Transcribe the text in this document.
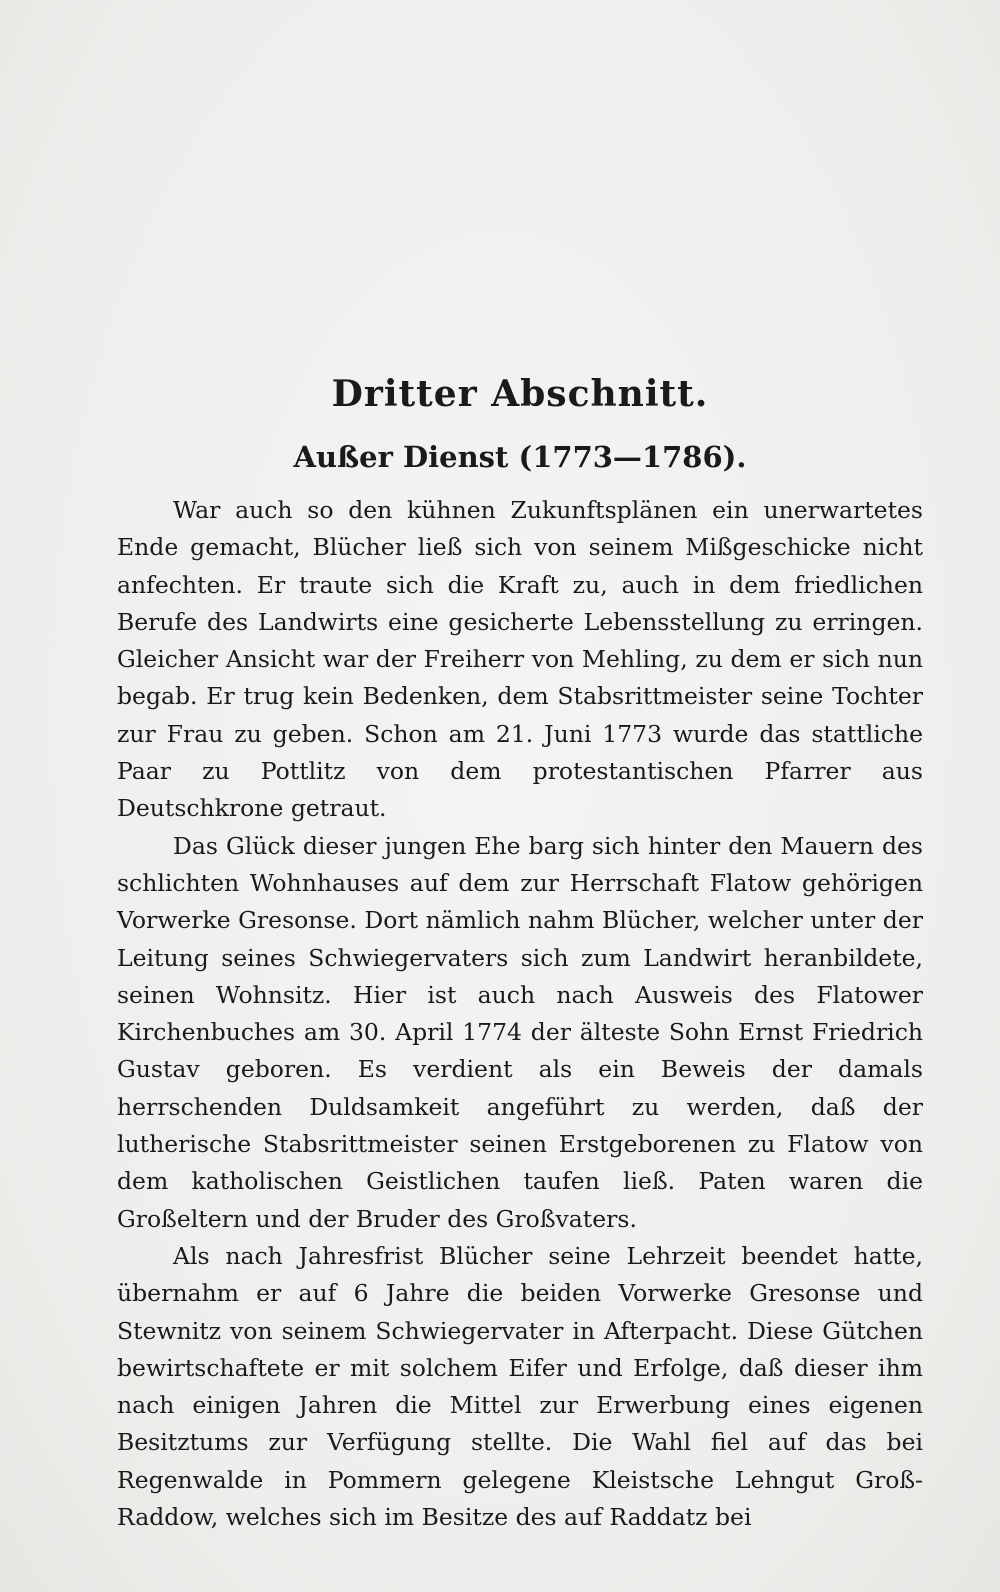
Dritter Abschnitt.
Außer Dienst (1773—1786).

War auch so den kühnen Zukunftsplänen ein unerwartetes Ende gemacht, Blücher ließ sich von seinem Mißgeschicke nicht anfechten. Er traute sich die Kraft zu, auch in dem friedlichen Berufe des Landwirts eine gesicherte Lebensstellung zu erringen. Gleicher Ansicht war der Freiherr von Mehling, zu dem er sich nun begab. Er trug kein Bedenken, dem Stabsrittmeister seine Tochter zur Frau zu geben. Schon am 21. Juni 1773 wurde das stattliche Paar zu Pottlitz von dem protestantischen Pfarrer aus Deutschkrone getraut.

Das Glück dieser jungen Ehe barg sich hinter den Mauern des schlichten Wohnhauses auf dem zur Herrschaft Flatow gehörigen Vorwerke Gresonse. Dort nämlich nahm Blücher, welcher unter der Leitung seines Schwiegervaters sich zum Landwirt heranbildete, seinen Wohnsitz. Hier ist auch nach Ausweis des Flatower Kirchenbuches am 30. April 1774 der älteste Sohn Ernst Friedrich Gustav geboren. Es verdient als ein Beweis der damals herrschenden Duldsamkeit angeführt zu werden, daß der lutherische Stabsrittmeister seinen Erstgeborenen zu Flatow von dem katholischen Geistlichen taufen ließ. Paten waren die Großeltern und der Bruder des Großvaters.

Als nach Jahresfrist Blücher seine Lehrzeit beendet hatte, übernahm er auf 6 Jahre die beiden Vorwerke Gresonse und Stewnitz von seinem Schwiegervater in Afterpacht. Diese Gütchen bewirtschaftete er mit solchem Eifer und Erfolge, daß dieser ihm nach einigen Jahren die Mittel zur Erwerbung eines eigenen Besitztums zur Verfügung stellte. Die Wahl fiel auf das bei Regenwalde in Pommern gelegene Kleistsche Lehngut Groß-Raddow, welches sich im Besitze des auf Raddatz bei
